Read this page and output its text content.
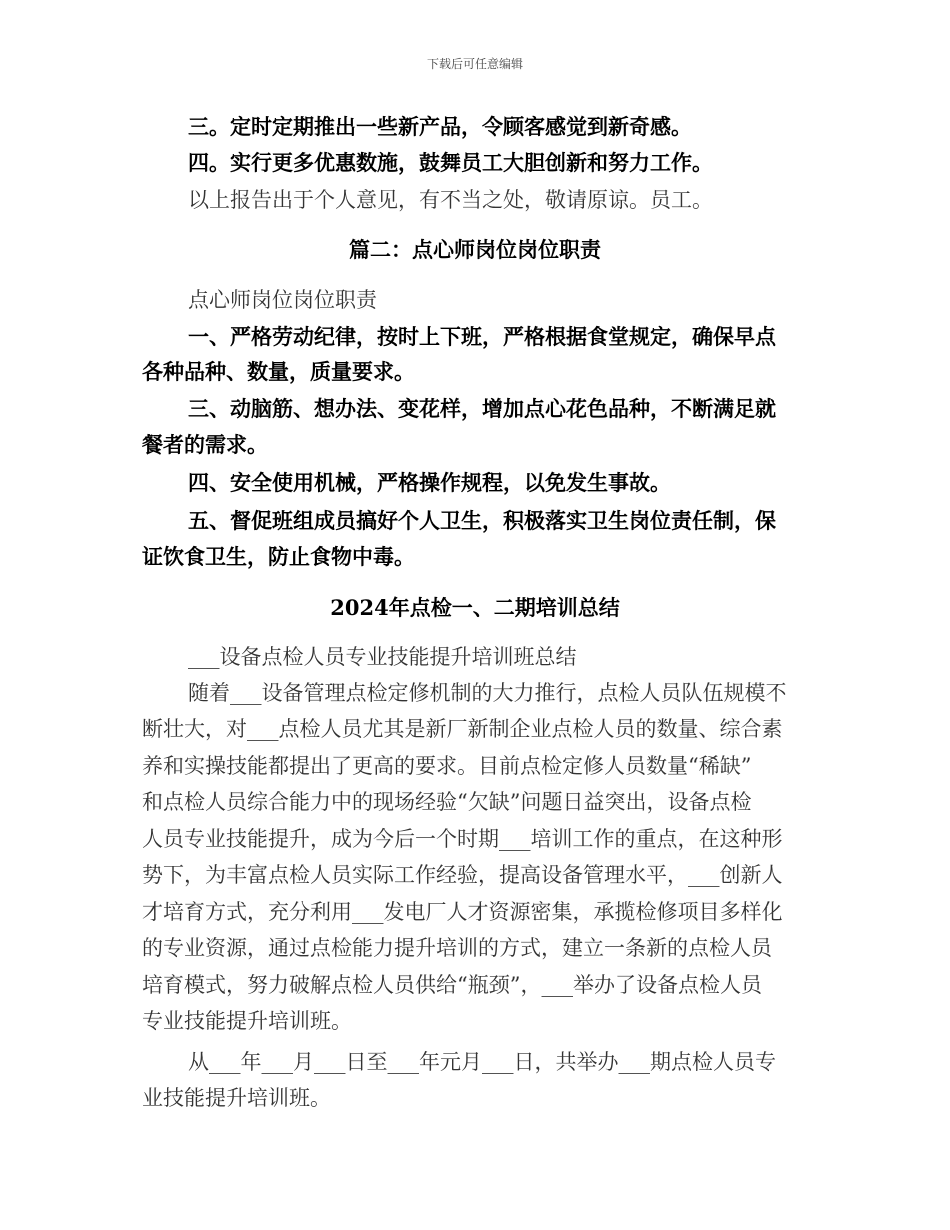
下载后可任意编辑
三。定时定期推出一些新产品，令顾客感觉到新奇感。
四。实行更多优惠数施，鼓舞员工大胆创新和努力工作。
以上报告出于个人意见，有不当之处，敬请原谅。员工。
篇二：点心师岗位岗位职责
点心师岗位岗位职责
一、严格劳动纪律，按时上下班，严格根据食堂规定，确保早点
各种品种、数量，质量要求。
三、动脑筋、想办法、变花样，增加点心花色品种，不断满足就
餐者的需求。
四、安全使用机械，严格操作规程，以免发生事故。
五、督促班组成员搞好个人卫生，积极落实卫生岗位责任制，保
证饮食卫生，防止食物中毒。
2024年点检一、二期培训总结
___设备点检人员专业技能提升培训班总结
随着___设备管理点检定修机制的大力推行，点检人员队伍规模不
断壮大，对___点检人员尤其是新厂新制企业点检人员的数量、综合素
养和实操技能都提出了更高的要求。目前点检定修人员数量“稀缺”
和点检人员综合能力中的现场经验“欠缺”问题日益突出，设备点检
人员专业技能提升，成为今后一个时期___培训工作的重点，在这种形
势下，为丰富点检人员实际工作经验，提高设备管理水平，___创新人
才培育方式，充分利用___发电厂人才资源密集，承揽检修项目多样化
的专业资源，通过点检能力提升培训的方式，建立一条新的点检人员
培育模式，努力破解点检人员供给“瓶颈”，___举办了设备点检人员
专业技能提升培训班。
从___年___月___日至___年元月___日，共举办___期点检人员专
业技能提升培训班。
